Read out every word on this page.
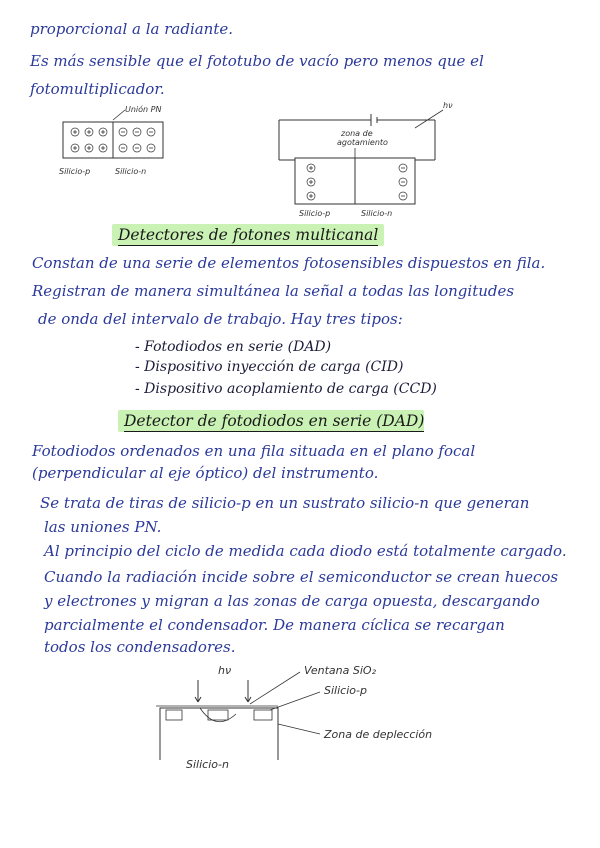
proporcional a la radiante.
Es más sensible que el fototubo de vacío pero menos que el
fotomultiplicador.
Unión PN
Silicio-p	Silicio-n
hν
zona de
agotamiento
Silicio-p	Silicio-n
Detectores de fotones multicanal
Constan de una serie de elementos fotosensibles dispuestos en fila.
Registran de manera simultánea la señal a todas las longitudes
de onda del intervalo de trabajo. Hay tres tipos:
- Fotodiodos en serie (DAD)
- Dispositivo inyección de carga (CID)
- Dispositivo acoplamiento de carga (CCD)
Detector de fotodiodos en serie (DAD)
Fotodiodos ordenados en una fila situada en el plano focal
(perpendicular al eje óptico) del instrumento.
Se trata de tiras de silicio-p en un sustrato silicio-n que generan
las uniones PN.
Al principio del ciclo de medida cada diodo está totalmente cargado.
Cuando la radiación incide sobre el semiconductor se crean huecos
y electrones y migran a las zonas de carga opuesta, descargando
parcialmente el condensador. De manera cíclica se recargan
todos los condensadores.
hν	Ventana SiO₂
Silicio-p
Zona de deplección
Silicio-n
